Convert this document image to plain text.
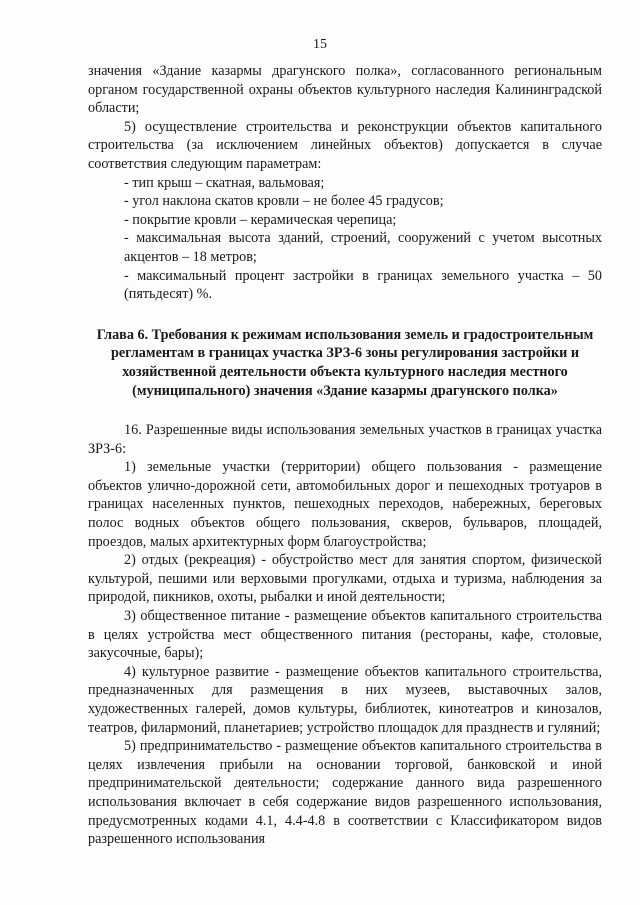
15

значения «Здание казармы драгунского полка», согласованного региональным органом государственной охраны объектов культурного наследия Калининградской области;

5) осуществление строительства и реконструкции объектов капитального строительства (за исключением линейных объектов) допускается в случае соответствия следующим параметрам:

- тип крыш – скатная, вальмовая;

- угол наклона скатов кровли – не более 45 градусов;

- покрытие кровли – керамическая черепица;

- максимальная высота зданий, строений, сооружений с учетом высотных акцентов – 18 метров;

- максимальный процент застройки в границах земельного участка – 50 (пятьдесят) %.

Глава 6. Требования к режимам использования земель и градостроительным регламентам в границах участка ЗРЗ-6 зоны регулирования застройки и хозяйственной деятельности объекта культурного наследия местного (муниципального) значения «Здание казармы драгунского полка»

16. Разрешенные виды использования земельных участков в границах участка ЗРЗ-6:

1) земельные участки (территории) общего пользования - размещение объектов улично-дорожной сети, автомобильных дорог и пешеходных тротуаров в границах населенных пунктов, пешеходных переходов, набережных, береговых полос водных объектов общего пользования, скверов, бульваров, площадей, проездов, малых архитектурных форм благоустройства;

2) отдых (рекреация) - обустройство мест для занятия спортом, физической культурой, пешими или верховыми прогулками, отдыха и туризма, наблюдения за природой, пикников, охоты, рыбалки и иной деятельности;

3) общественное питание - размещение объектов капитального строительства в целях устройства мест общественного питания (рестораны, кафе, столовые, закусочные, бары);

4) культурное развитие - размещение объектов капитального строительства, предназначенных для размещения в них музеев, выставочных залов, художественных галерей, домов культуры, библиотек, кинотеатров и кинозалов, театров, филармоний, планетариев; устройство площадок для празднеств и гуляний;

5) предпринимательство - размещение объектов капитального строительства в целях извлечения прибыли на основании торговой, банковской и иной предпринимательской деятельности; содержание данного вида разрешенного использования включает в себя содержание видов разрешенного использования, предусмотренных кодами 4.1, 4.4-4.8 в соответствии с Классификатором видов разрешенного использования
